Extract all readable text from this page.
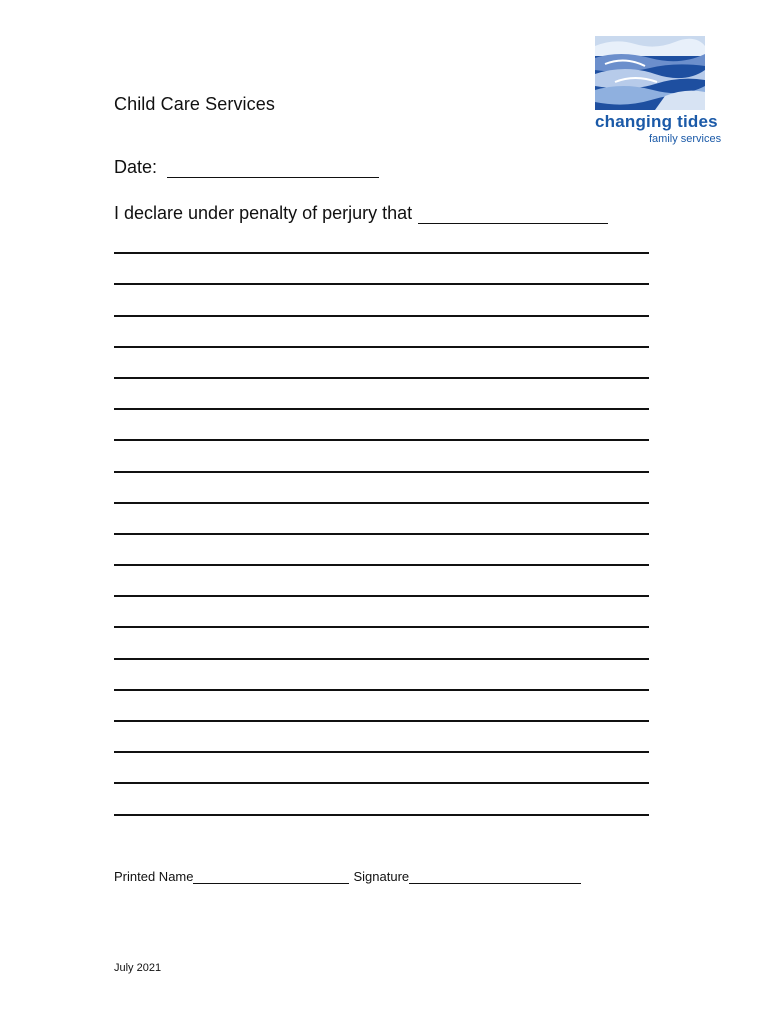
changing tides
family services
Child Care Services
Date:
I declare under penalty of perjury that
Printed Name	Signature
July 2021
